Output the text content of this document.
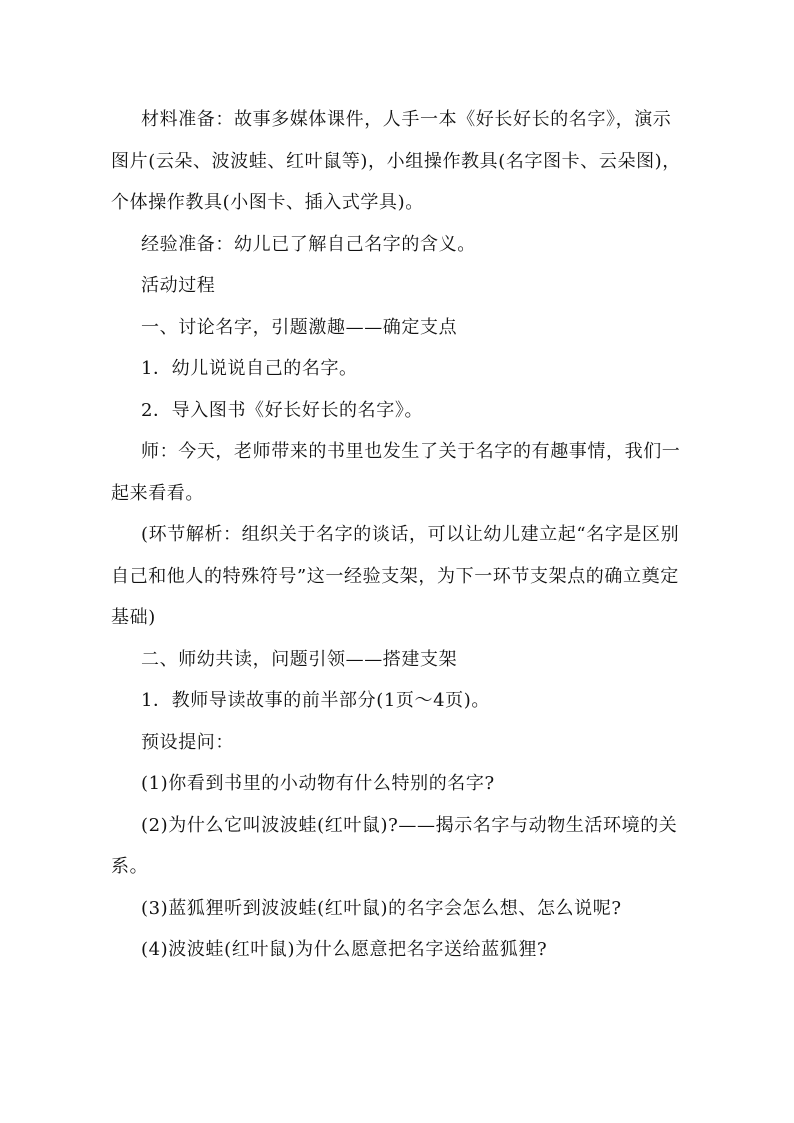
材料准备：故事多媒体课件，人手一本《好长好长的名字》，演示图片(云朵、波波蛙、红叶鼠等)，小组操作教具(名字图卡、云朵图)，个体操作教具(小图卡、插入式学具)。

经验准备：幼儿已了解自己名字的含义。

活动过程

一、讨论名字，引题激趣——确定支点

1．幼儿说说自己的名字。

2．导入图书《好长好长的名字》。

师：今天，老师带来的书里也发生了关于名字的有趣事情，我们一起来看看。

(环节解析：组织关于名字的谈话，可以让幼儿建立起“名字是区别自己和他人的特殊符号”这一经验支架，为下一环节支架点的确立奠定基础)

二、师幼共读，问题引领——搭建支架

1．教师导读故事的前半部分(1页～4页)。

预设提问：

(1)你看到书里的小动物有什么特别的名字?

(2)为什么它叫波波蛙(红叶鼠)?——揭示名字与动物生活环境的关系。

(3)蓝狐狸听到波波蛙(红叶鼠)的名字会怎么想、怎么说呢?

(4)波波蛙(红叶鼠)为什么愿意把名字送给蓝狐狸?
